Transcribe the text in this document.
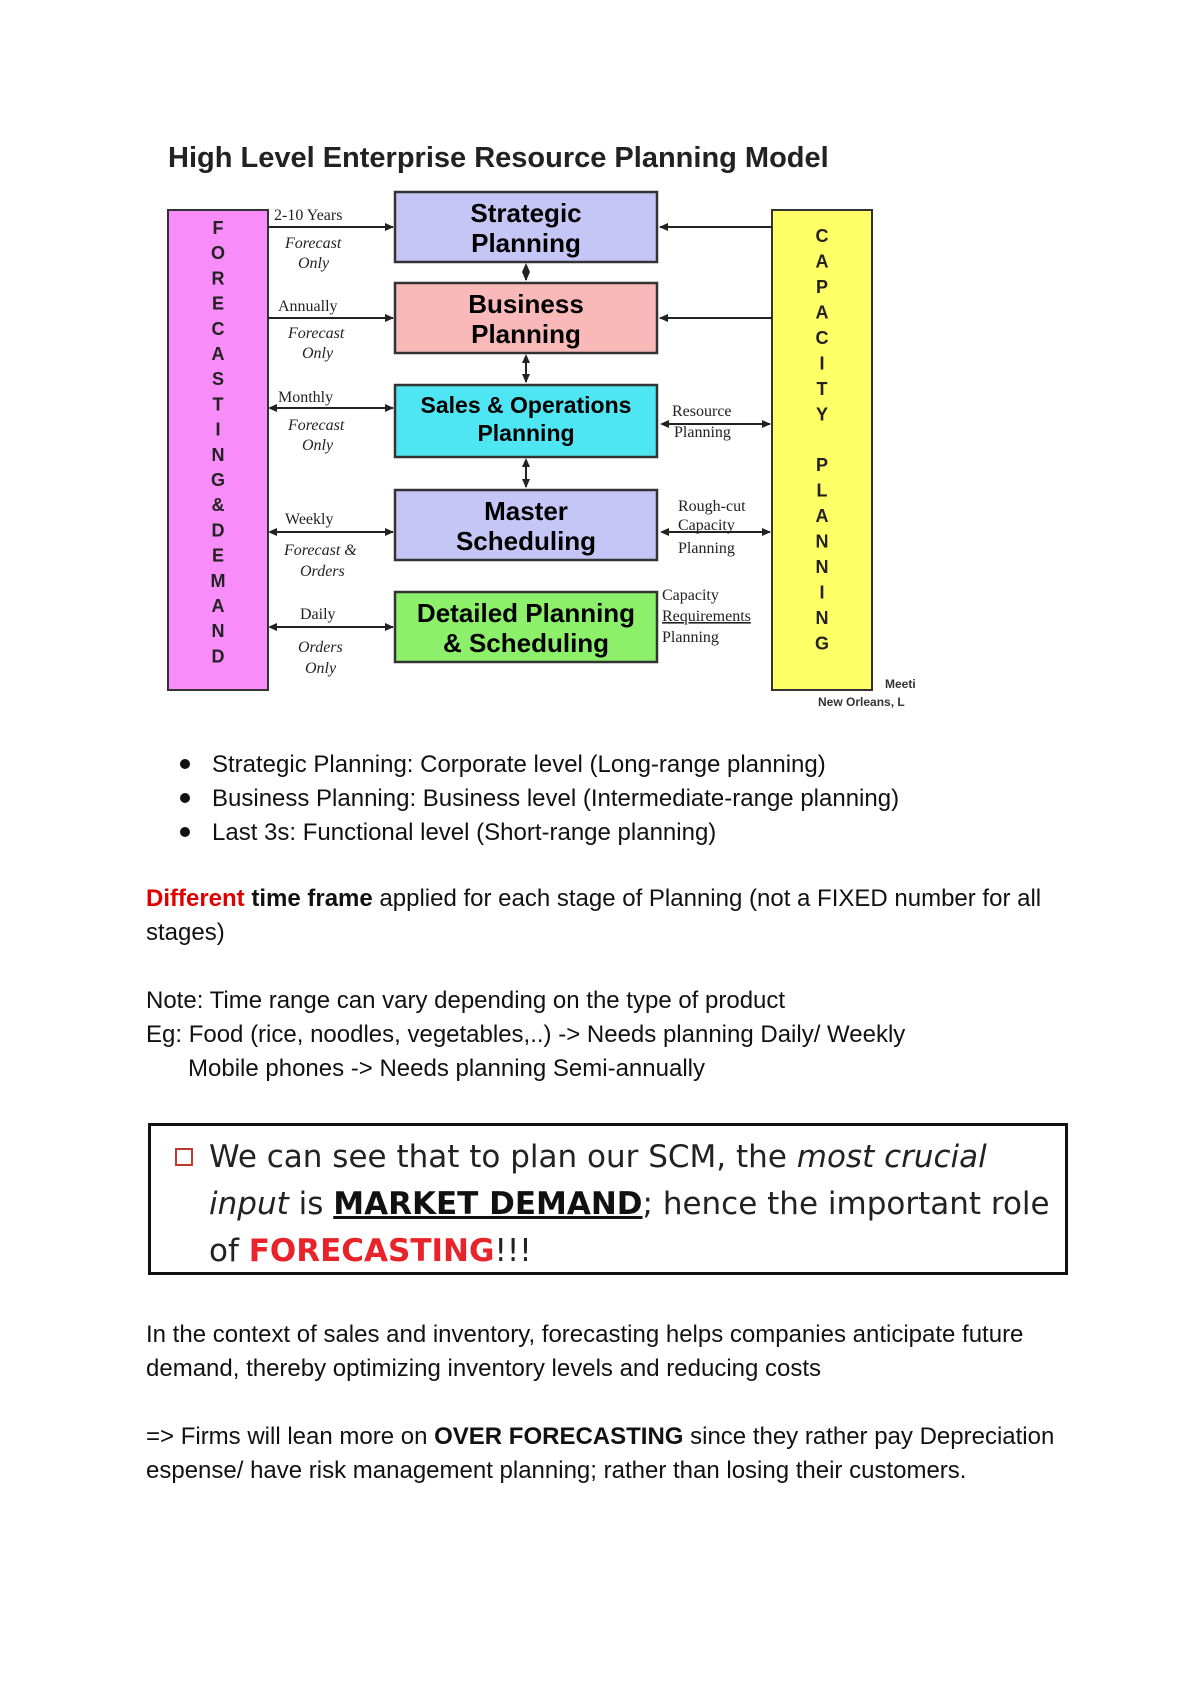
High Level Enterprise Resource Planning Model
F
O
R
E
C
A
S
T
I
N
G
&
D
E
M
A
N
D
C
A
P
A
C
I
T
Y
P
L
A
N
N
I
N
G
Strategic
Planning
Business
Planning
Sales & Operations
Planning
Master
Scheduling
Detailed Planning
& Scheduling
2-10 Years
Forecast
Only
Annually
Forecast
Only
Monthly
Forecast
Only
Weekly
Forecast &
Orders
Daily
Orders
Only
Resource
Planning
Rough-cut
Capacity
Planning
Capacity
Requirements
Planning
Meeti
New Orleans, L
Strategic Planning: Corporate level (Long-range planning)
Business Planning: Business level (Intermediate-range planning)
Last 3s: Functional level (Short-range planning)
Different time frame applied for each stage of Planning (not a FIXED number for all stages)
Note: Time range can vary depending on the type of product
Eg: Food (rice, noodles, vegetables,..) -> Needs planning Daily/ Weekly
Mobile phones -> Needs planning Semi-annually
We can see that to plan our SCM, the most crucial input is MARKET DEMAND; hence the important role of FORECASTING!!!
In the context of sales and inventory, forecasting helps companies anticipate future demand, thereby optimizing inventory levels and reducing costs
=> Firms will lean more on OVER FORECASTING since they rather pay Depreciation espense/ have risk management planning; rather than losing their customers.
